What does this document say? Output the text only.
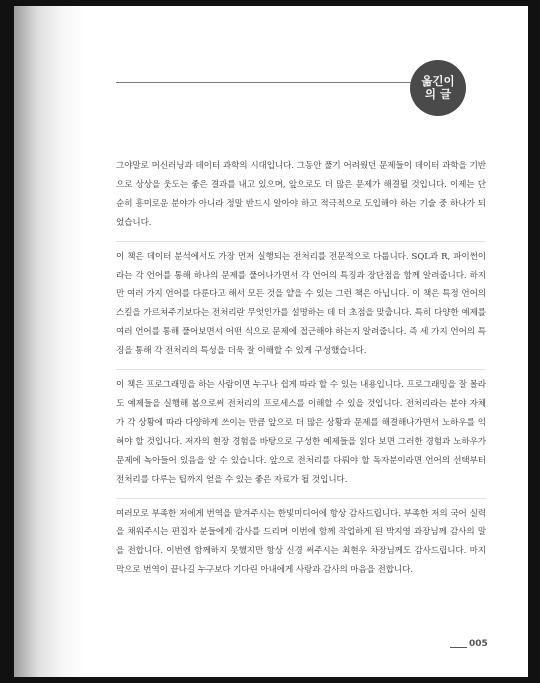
옮긴이의 글

그야말로 머신러닝과 데이터 과학의 시대입니다. 그동안 풀기 어려웠던 문제들이 데이터 과학을 기반으로 상상을 웃도는 좋은 결과를 내고 있으며, 앞으로도 더 많은 문제가 해결될 것입니다. 이제는 단순히 흥미로운 분야가 아니라 정말 반드시 알아야 하고 적극적으로 도입해야 하는 기술 중 하나가 되었습니다.

이 책은 데이터 분석에서도 가장 먼저 실행되는 전처리를 전문적으로 다룹니다. SQL과 R, 파이썬이라는 각 언어를 통해 하나의 문제를 풀어나가면서 각 언어의 특징과 장단점을 함께 알려줍니다. 하지만 여러 가지 언어를 다룬다고 해서 모든 것을 얕을 수 있는 그런 책은 아닙니다. 이 책은 특정 언어의 스킬을 가르쳐주기보다는 전처리란 무엇인가를 설명하는 데 더 초점을 맞춥니다. 특히 다양한 예제를 여러 언어를 통해 풀어보면서 어떤 식으로 문제에 접근해야 하는지 알려줍니다. 즉 세 가지 언어의 특징을 통해 각 전처리의 특성을 더욱 잘 이해할 수 있게 구성했습니다.

이 책은 프로그래밍을 하는 사람이면 누구나 쉽게 따라 할 수 있는 내용입니다. 프로그래밍을 잘 몰라도 예제들을 실행해 봄으로써 전처리의 프로세스를 이해할 수 있을 것입니다. 전처리라는 분야 자체가 각 상황에 따라 다양하게 쓰이는 만큼 앞으로 더 많은 상황과 문제를 해결해나가면서 노하우를 익혀야 할 것입니다. 저자의 현장 경험을 바탕으로 구성한 예제들을 읽다 보면 그러한 경험과 노하우가 문제에 녹아들어 있음을 알 수 있습니다. 앞으로 전처리를 다뤄야 할 독자분이라면 언어의 선택부터 전처리를 다루는 팁까지 얻을 수 있는 좋은 자료가 될 것입니다.

여러모로 부족한 저에게 번역을 맡겨주시는 한빛미디어에 항상 감사드립니다. 부족한 저의 국어 실력을 채워주시는 편집자 분들에게 감사를 드리며 이번에 함께 작업하게 된 박지영 과장님께 감사의 말을 전합니다. 이번엔 함께하지 못했지만 항상 신경 써주시는 최현우 차장님께도 감사드립니다. 마지막으로 번역이 끝나길 누구보다 기다린 아내에게 사랑과 감사의 마음을 전합니다.

005
